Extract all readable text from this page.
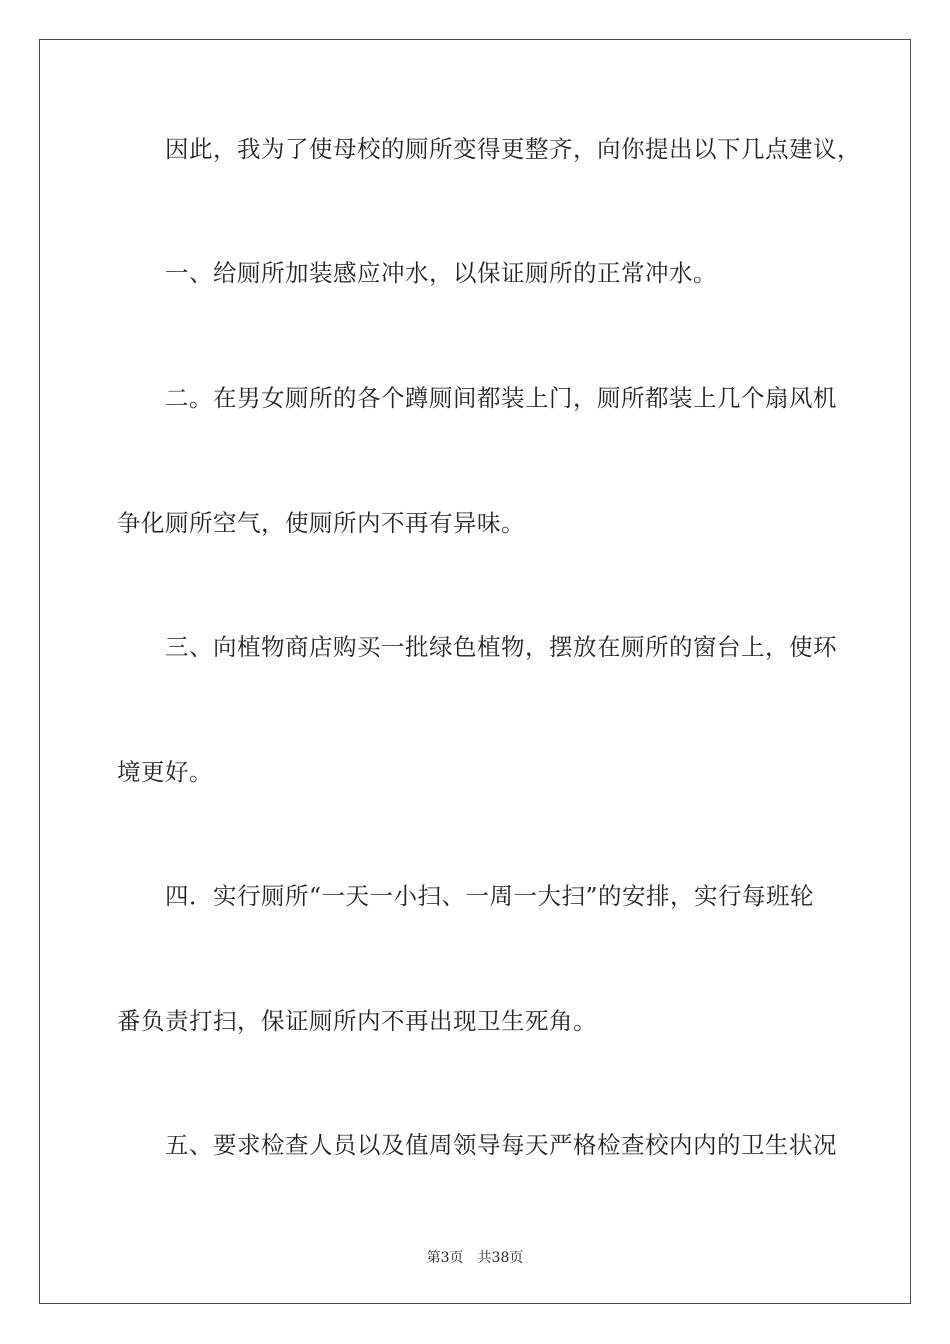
因此，我为了使母校的厕所变得更整齐，向你提出以下几点建议，
一、给厕所加装感应冲水，以保证厕所的正常冲水。
二。在男女厕所的各个蹲厕间都装上门，厕所都装上几个扇风机
争化厕所空气，使厕所内不再有异味。
三、向植物商店购买一批绿色植物，摆放在厕所的窗台上，使环
境更好。
四．实行厕所“一天一小扫、一周一大扫”的安排，实行每班轮
番负责打扫，保证厕所内不再出现卫生死角。
五、要求检查人员以及值周领导每天严格检查校内内的卫生状况
第3页 共38页
